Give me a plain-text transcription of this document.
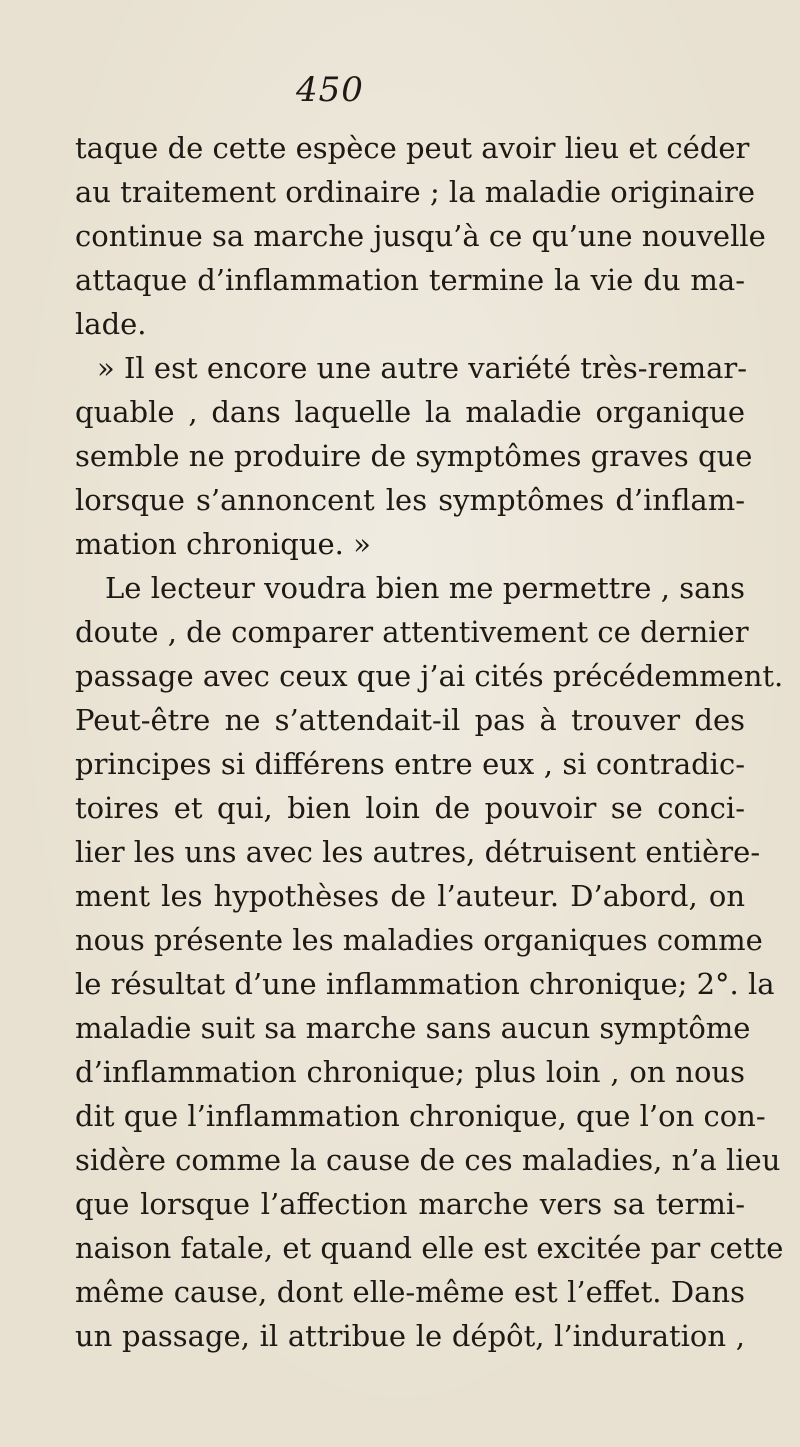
450
taque de cette espèce peut avoir lieu et céder
au traitement ordinaire ; la maladie originaire
continue sa marche jusqu’à ce qu’une nouvelle
attaque d’inflammation termine la vie du ma-
lade.
» Il est encore une autre variété très-remar-
quable , dans laquelle la maladie organique
semble ne produire de symptômes graves que
lorsque s’annoncent les symptômes d’inflam-
mation chronique. »
Le lecteur voudra bien me permettre , sans
doute , de comparer attentivement ce dernier
passage avec ceux que j’ai cités précédemment.
Peut-être ne s’attendait-il pas à trouver des
principes si différens entre eux , si contradic-
toires et qui, bien loin de pouvoir se conci-
lier les uns avec les autres, détruisent entière-
ment les hypothèses de l’auteur. D’abord, on
nous présente les maladies organiques comme
le résultat d’une inflammation chronique; 2°. la
maladie suit sa marche sans aucun symptôme
d’inflammation chronique; plus loin , on nous
dit que l’inflammation chronique, que l’on con-
sidère comme la cause de ces maladies, n’a lieu
que lorsque l’affection marche vers sa termi-
naison fatale, et quand elle est excitée par cette
même cause, dont elle-même est l’effet. Dans
un passage, il attribue le dépôt, l’induration ,
